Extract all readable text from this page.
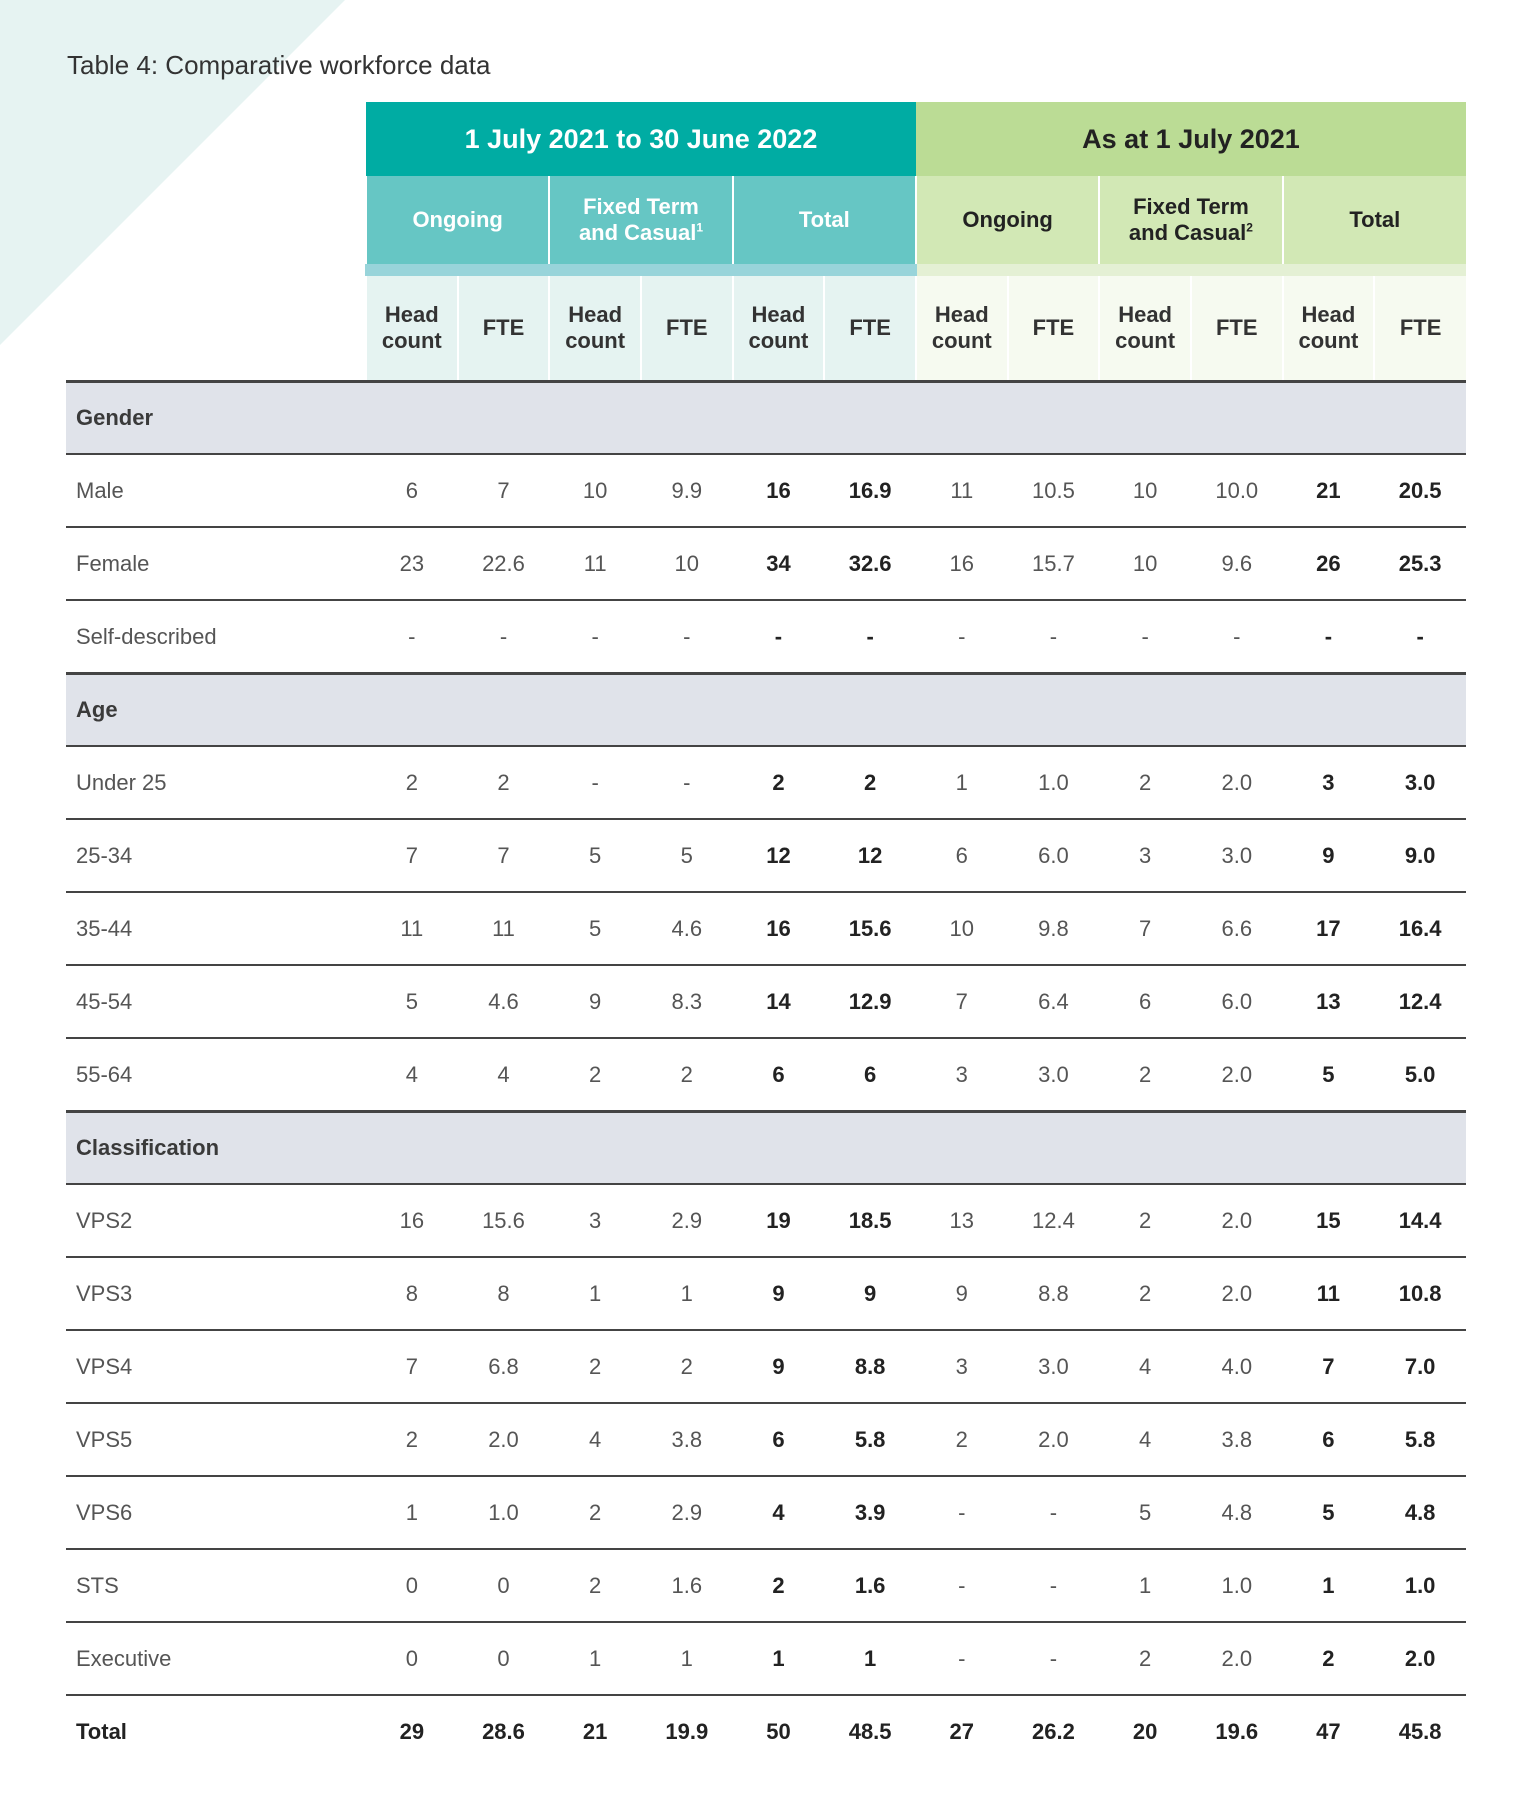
Table 4: Comparative workforce data
	1 July 2021 to 30 June 2022						As at 1 July 2021					
	Ongoing		Fixed Term and Casual$^1$		Total		Ongoing		Fixed Term and Casual$^2$		Total	
	Head count	FTE	Head count	FTE	Head count	FTE	Head count	FTE	Head count	FTE	Head count	FTE
Gender												
Male	6	7	10	9.9	16	16.9	11	10.5	10	10.0	21	20.5
Female	23	22.6	11	10	34	32.6	16	15.7	10	9.6	26	25.3
Self-described	-	-	-	-	-	-	-	-	-	-	-	-
Age												
Under 25	2	2	-	-	2	2	1	1.0	2	2.0	3	3.0
25-34	7	7	5	5	12	12	6	6.0	3	3.0	9	9.0
35-44	11	11	5	4.6	16	15.6	10	9.8	7	6.6	17	16.4
45-54	5	4.6	9	8.3	14	12.9	7	6.4	6	6.0	13	12.4
55-64	4	4	2	2	6	6	3	3.0	2	2.0	5	5.0
Classification												
VPS2	16	15.6	3	2.9	19	18.5	13	12.4	2	2.0	15	14.4
VPS3	8	8	1	1	9	9	9	8.8	2	2.0	11	10.8
VPS4	7	6.8	2	2	9	8.8	3	3.0	4	4.0	7	7.0
VPS5	2	2.0	4	3.8	6	5.8	2	2.0	4	3.8	6	5.8
VPS6	1	1.0	2	2.9	4	3.9	-	-	5	4.8	5	4.8
STS	0	0	2	1.6	2	1.6	-	-	1	1.0	1	1.0
Executive	0	0	1	1	1	1	-	-	2	2.0	2	2.0
Total	29	28.6	21	19.9	50	48.5	27	26.2	20	19.6	47	45.8
